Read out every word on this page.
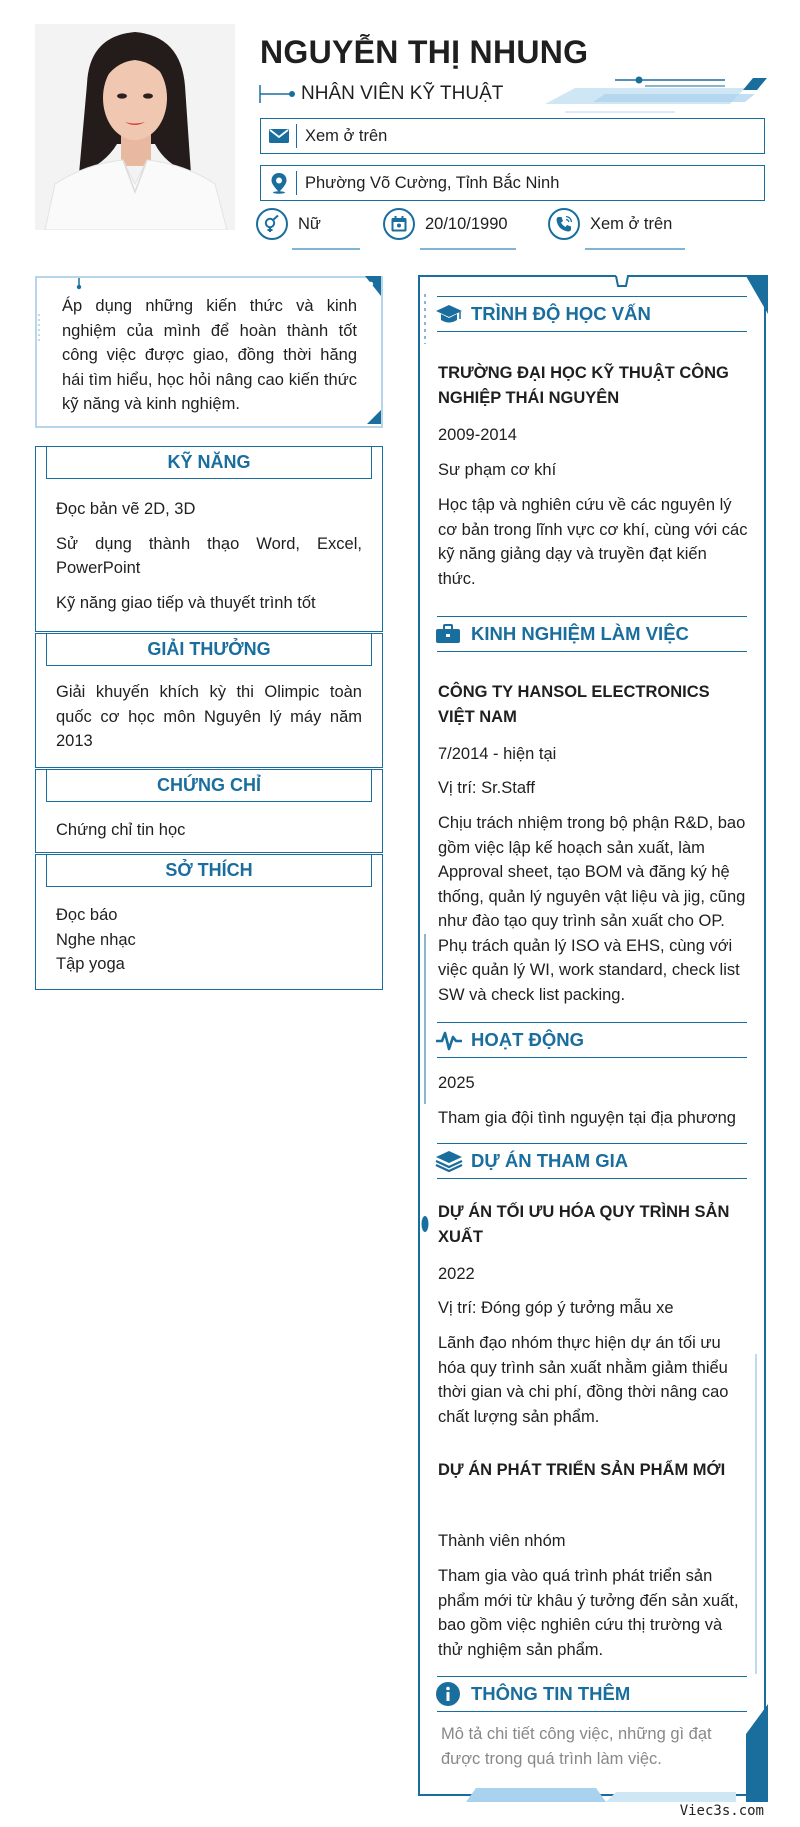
NGUYỄN THỊ NHUNG
NHÂN VIÊN KỸ THUẬT
Xem ở trên
Phường Võ Cường, Tỉnh Bắc Ninh
Nữ	20/10/1990	Xem ở trên

Áp dụng những kiến thức và kinh nghiệm của mình để hoàn thành tốt công việc được giao, đồng thời hăng hái tìm hiểu, học hỏi nâng cao kiến thức kỹ năng và kinh nghiệm.

KỸ NĂNG

Đọc bản vẽ 2D, 3D

Sử dụng thành thạo Word, Excel, PowerPoint

Kỹ năng giao tiếp và thuyết trình tốt

GIẢI THƯỞNG

Giải khuyến khích kỳ thi Olimpic toàn quốc cơ học môn Nguyên lý máy năm 2013

CHỨNG CHỈ

Chứng chỉ tin học

SỞ THÍCH

Đọc báo

Nghe nhạc

Tập yoga

TRÌNH ĐỘ HỌC VẤN
TRƯỜNG ĐẠI HỌC KỸ THUẬT CÔNG NGHIỆP THÁI NGUYÊN
2009-2014
Sư phạm cơ khí
Học tập và nghiên cứu về các nguyên lý cơ bản trong lĩnh vực cơ khí, cùng với các kỹ năng giảng dạy và truyền đạt kiến thức.
KINH NGHIỆM LÀM VIỆC
CÔNG TY HANSOL ELECTRONICS VIỆT NAM
7/2014 - hiện tại
Vị trí: Sr.Staff
Chịu trách nhiệm trong bộ phận R&D, bao gồm việc lập kế hoạch sản xuất, làm Approval sheet, tạo BOM và đăng ký hệ thống, quản lý nguyên vật liệu và jig, cũng như đào tạo quy trình sản xuất cho OP. Phụ trách quản lý ISO và EHS, cùng với việc quản lý WI, work standard, check list SW và check list packing.
HOẠT ĐỘNG
2025
Tham gia đội tình nguyện tại địa phương
DỰ ÁN THAM GIA
DỰ ÁN TỐI ƯU HÓA QUY TRÌNH SẢN XUẤT
2022
Vị trí: Đóng góp ý tưởng mẫu xe
Lãnh đạo nhóm thực hiện dự án tối ưu hóa quy trình sản xuất nhằm giảm thiểu thời gian và chi phí, đồng thời nâng cao chất lượng sản phẩm.
DỰ ÁN PHÁT TRIỂN SẢN PHẨM MỚI
Thành viên nhóm
Tham gia vào quá trình phát triển sản phẩm mới từ khâu ý tưởng đến sản xuất, bao gồm việc nghiên cứu thị trường và thử nghiệm sản phẩm.
THÔNG TIN THÊM
Mô tả chi tiết công việc, những gì đạt được trong quá trình làm việc.
Viec3s.com
